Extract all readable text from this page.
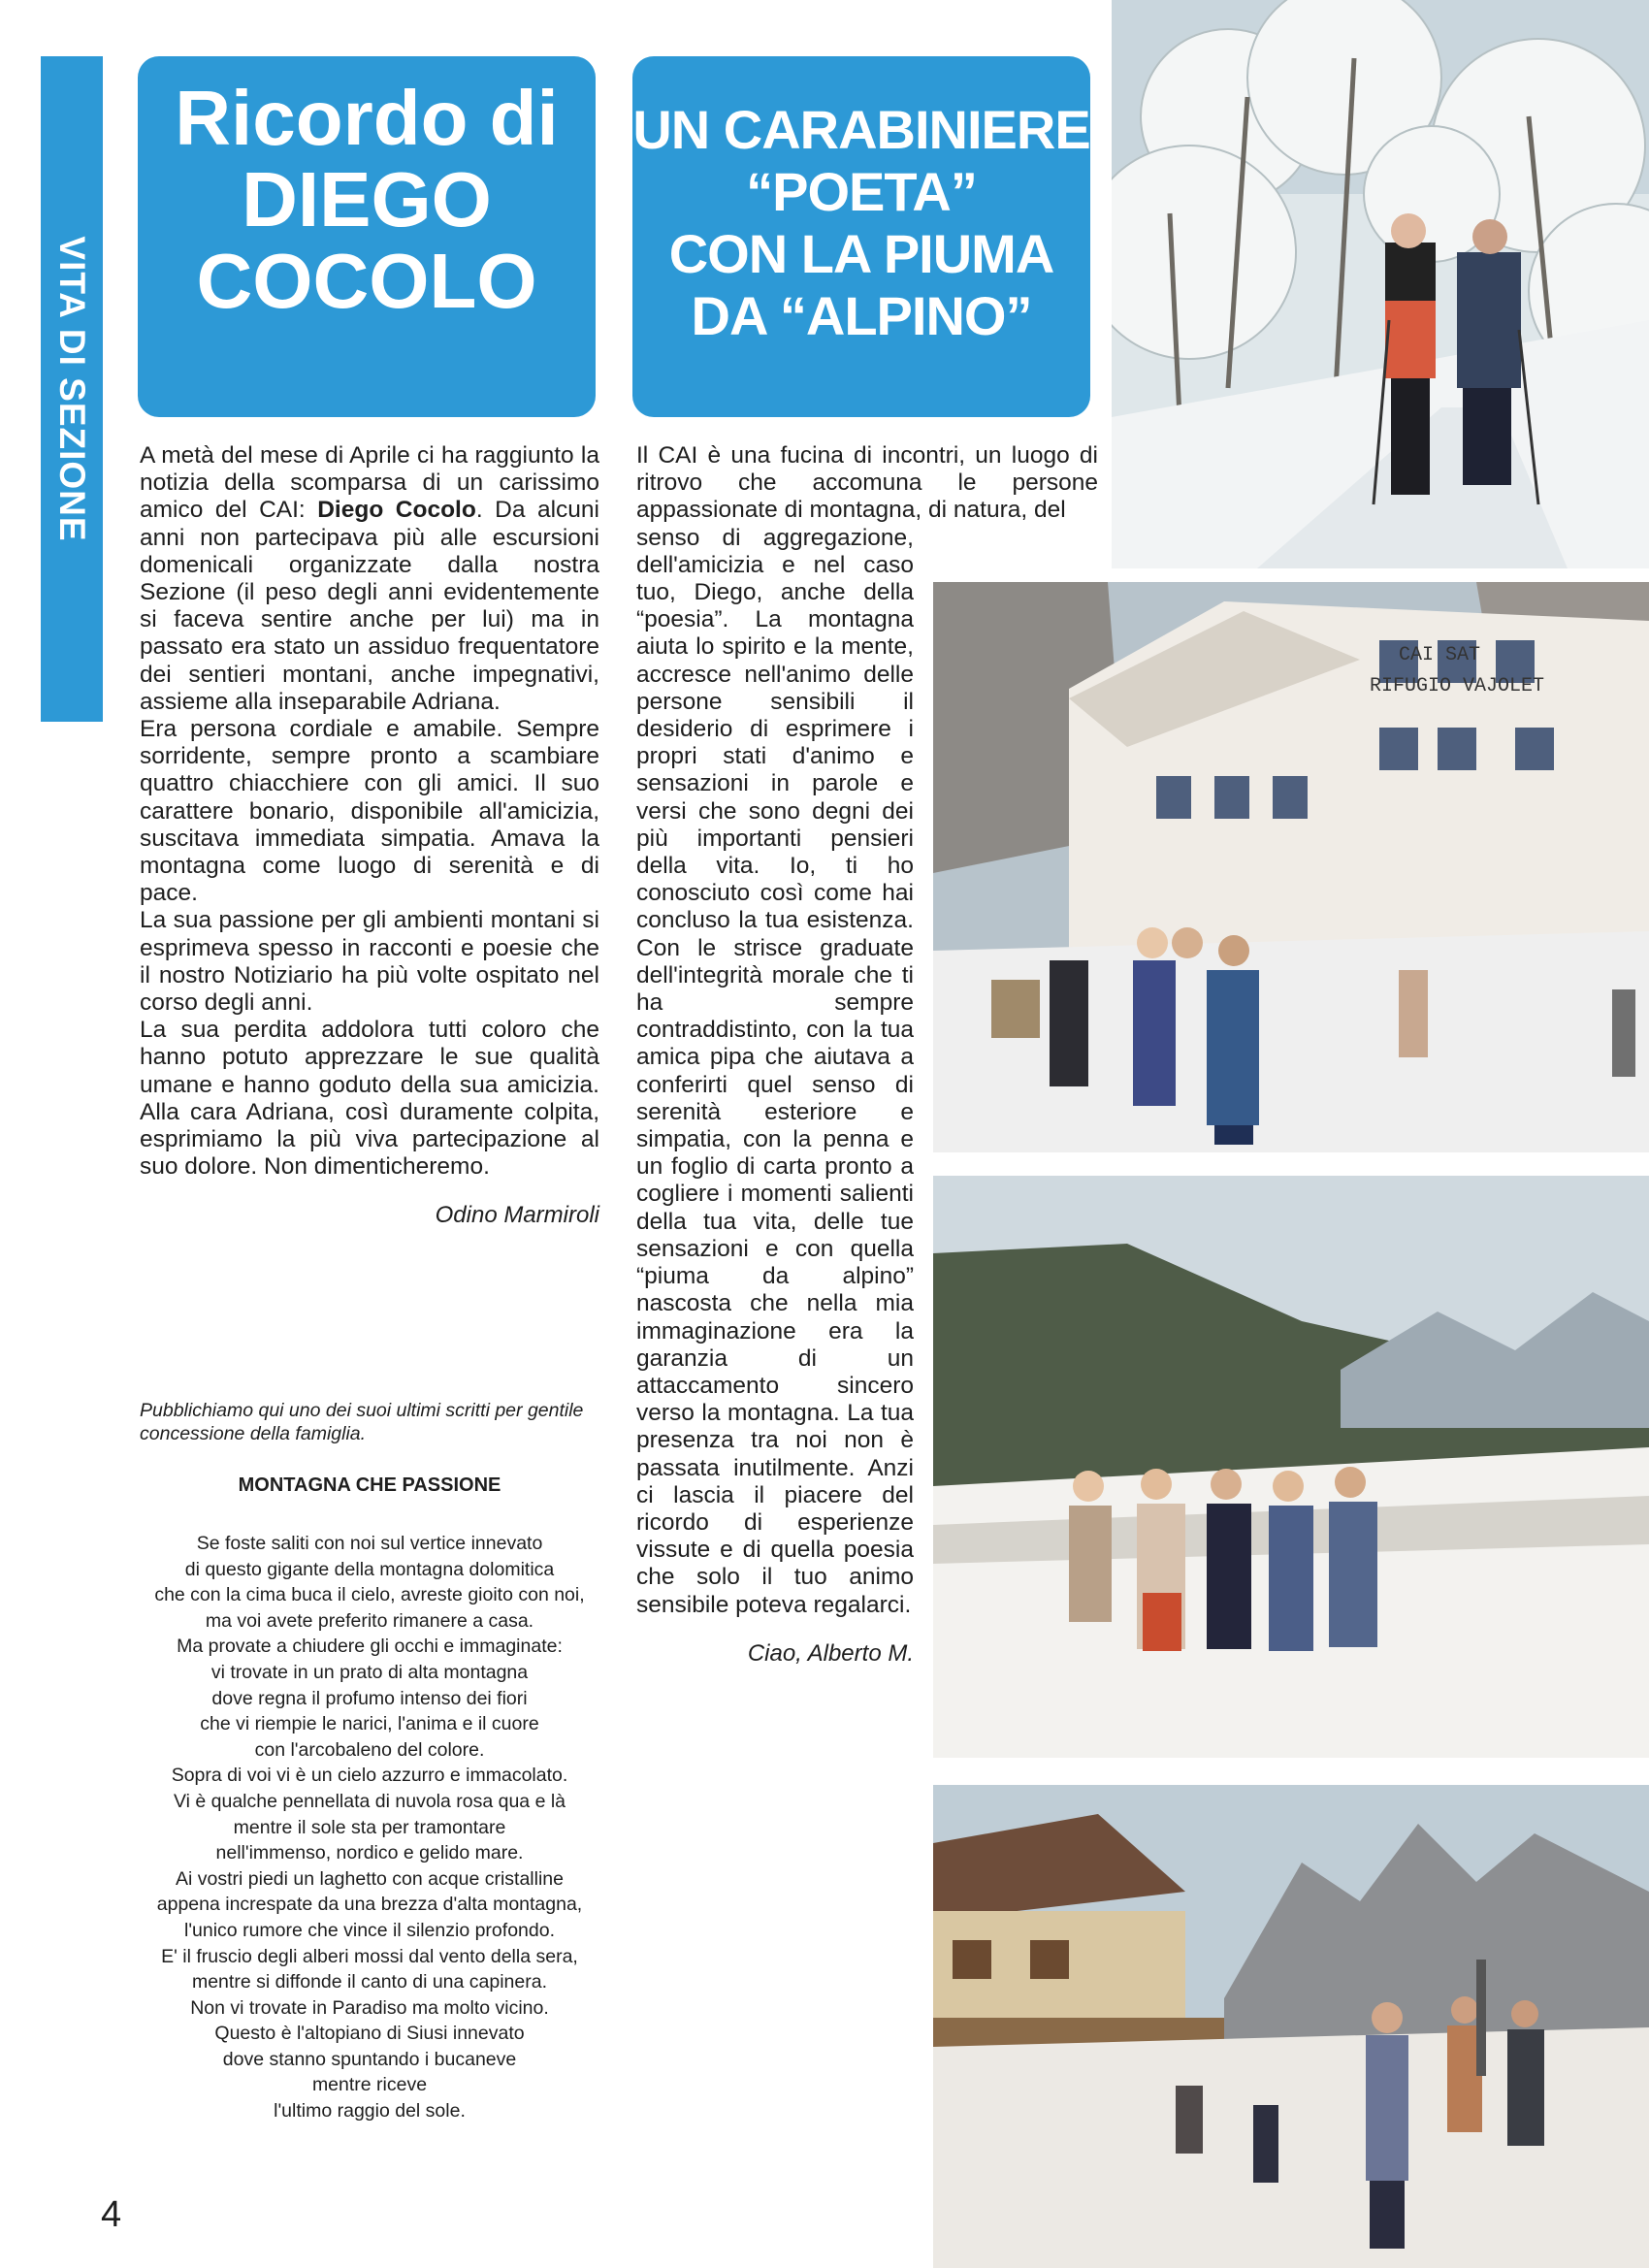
VITA DI SEZIONE
Ricordo di
DIEGO
COCOLO
UN CARABINIERE
“POETA”
CON LA PIUMA
DA “ALPINO”

A metà del mese di Aprile ci ha raggiunto la notizia della scomparsa di un carissimo amico del CAI: Diego Cocolo. Da alcuni anni non partecipava più alle escursioni domenicali organizzate dalla nostra Sezione (il peso degli anni evidentemente si faceva sentire anche per lui) ma in passato era stato un assiduo frequentatore dei sentieri montani, anche impegnativi, assieme alla inseparabile Adriana.

Era persona cordiale e amabile. Sempre sorridente, sempre pronto a scambiare quattro chiacchiere con gli amici. Il suo carattere bonario, disponibile all'amicizia, suscitava immediata simpatia. Amava la montagna come luogo di serenità e di pace.

La sua passione per gli ambienti montani si esprimeva spesso in racconti e poesie che il nostro Notiziario ha più volte ospitato nel corso degli anni.

La sua perdita addolora tutti coloro che hanno potuto apprezzare le sue qualità umane e hanno goduto della sua amicizia. Alla cara Adriana, così duramente colpita, esprimiamo la più viva partecipazione al suo dolore. Non dimenticheremo.

Odino Marmiroli

Pubblichiamo qui uno dei suoi ultimi scritti per gentile concessione della famiglia.
MONTAGNA CHE PASSIONE
Se foste saliti con noi sul vertice innevato
di questo gigante della montagna dolomitica
che con la cima buca il cielo, avreste gioito con noi,
ma voi avete preferito rimanere a casa.
Ma provate a chiudere gli occhi e immaginate:
vi trovate in un prato di alta montagna
dove regna il profumo intenso dei fiori
che vi riempie le narici, l'anima e il cuore
con l'arcobaleno del colore.
Sopra di voi vi è un cielo azzurro e immacolato.
Vi è qualche pennellata di nuvola rosa qua e là
mentre il sole sta per tramontare
nell'immenso, nordico e gelido mare.
Ai vostri piedi un laghetto con acque cristalline
appena increspate da una brezza d'alta montagna,
l'unico rumore che vince il silenzio profondo.
E' il fruscio degli alberi mossi dal vento della sera,
mentre si diffonde il canto di una capinera.
Non vi trovate in Paradiso ma molto vicino.
Questo è l'altopiano di Siusi innevato
dove stanno spuntando i bucaneve
mentre riceve
l'ultimo raggio del sole.
4

Il CAI è una fucina di incontri, un luogo di ritrovo che accomuna le persone appassionate di montagna, di natura, del

senso di aggregazione, dell'amicizia e nel caso tuo, Diego, anche della “poesia”. La montagna aiuta lo spirito e la mente, accresce nell'animo delle persone sensibili il desiderio di esprimere i propri stati d'animo e sensazioni in parole e versi che sono degni dei più importanti pensieri della vita. Io, ti ho conosciuto così come hai concluso la tua esistenza. Con le strisce graduate dell'integrità morale che ti ha sempre contraddistinto, con la tua amica pipa che aiutava a conferirti quel senso di serenità esteriore e simpatia, con la penna e un foglio di carta pronto a cogliere i momenti salienti della tua vita, delle tue sensazioni e con quella “piuma da alpino” nascosta che nella mia immaginazione era la garanzia di un attaccamento sincero verso la montagna. La tua presenza tra noi non è passata inutilmente. Anzi ci lascia il piacere del ricordo di esperienze vissute e di quella poesia che solo il tuo animo sensibile poteva regalarci.

Ciao, Alberto M.

CAI SAT
RIFUGIO VAJOLET
